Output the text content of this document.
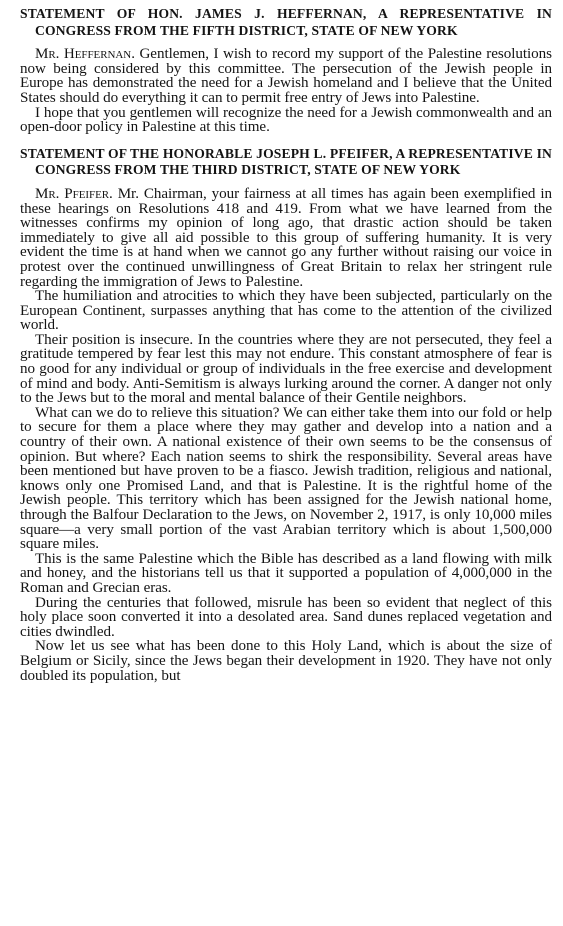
STATEMENT OF HON. JAMES J. HEFFERNAN, A REPRESENTATIVE IN CONGRESS FROM THE FIFTH DISTRICT, STATE OF NEW YORK

Mr. Heffernan. Gentlemen, I wish to record my support of the Palestine resolutions now being considered by this committee. The persecution of the Jewish people in Europe has demonstrated the need for a Jewish homeland and I believe that the United States should do everything it can to permit free entry of Jews into Palestine.

I hope that you gentlemen will recognize the need for a Jewish commonwealth and an open-door policy in Palestine at this time.

STATEMENT OF THE HONORABLE JOSEPH L. PFEIFER, A REPRESENTATIVE IN CONGRESS FROM THE THIRD DISTRICT, STATE OF NEW YORK

Mr. Pfeifer. Mr. Chairman, your fairness at all times has again been exemplified in these hearings on Resolutions 418 and 419. From what we have learned from the witnesses confirms my opinion of long ago, that drastic action should be taken immediately to give all aid possible to this group of suffering humanity. It is very evident the time is at hand when we cannot go any further without raising our voice in protest over the continued unwillingness of Great Britain to relax her stringent rule regarding the immigration of Jews to Palestine.

The humiliation and atrocities to which they have been subjected, particularly on the European Continent, surpasses anything that has come to the attention of the civilized world.

Their position is insecure. In the countries where they are not persecuted, they feel a gratitude tempered by fear lest this may not endure. This constant atmosphere of fear is no good for any individual or group of individuals in the free exercise and development of mind and body. Anti-Semitism is always lurking around the corner. A danger not only to the Jews but to the moral and mental balance of their Gentile neighbors.

What can we do to relieve this situation? We can either take them into our fold or help to secure for them a place where they may gather and develop into a nation and a country of their own. A national existence of their own seems to be the consensus of opinion. But where? Each nation seems to shirk the responsibility. Several areas have been mentioned but have proven to be a fiasco. Jewish tradition, religious and national, knows only one Promised Land, and that is Palestine. It is the rightful home of the Jewish people. This territory which has been assigned for the Jewish national home, through the Balfour Declaration to the Jews, on November 2, 1917, is only 10,000 miles square—a very small portion of the vast Arabian territory which is about 1,500,000 square miles.

This is the same Palestine which the Bible has described as a land flowing with milk and honey, and the historians tell us that it supported a population of 4,000,000 in the Roman and Grecian eras.

During the centuries that followed, misrule has been so evident that neglect of this holy place soon converted it into a desolated area. Sand dunes replaced vegetation and cities dwindled.

Now let us see what has been done to this Holy Land, which is about the size of Belgium or Sicily, since the Jews began their development in 1920. They have not only doubled its population, but
